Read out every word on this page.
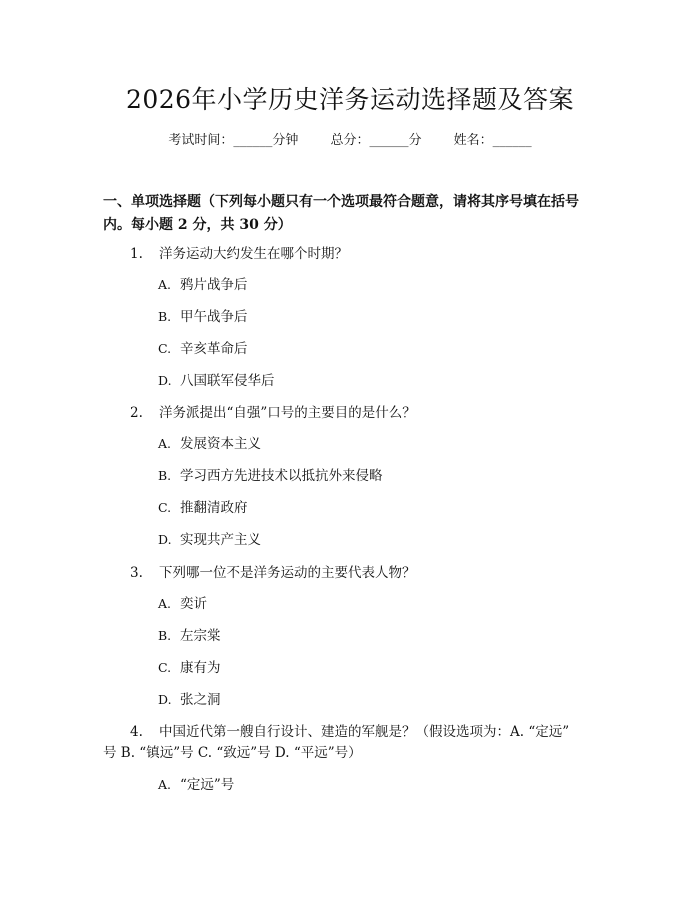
2026年小学历史洋务运动选择题及答案
考试时间：______分钟 总分：______分 姓名：______
一、单项选择题（下列每小题只有一个选项最符合题意，请将其序号填在括号内。每小题 2 分，共 30 分）
1. 洋务运动大约发生在哪个时期？
A. 鸦片战争后
B. 甲午战争后
C. 辛亥革命后
D. 八国联军侵华后
2. 洋务派提出“自强”口号的主要目的是什么？
A. 发展资本主义
B. 学习西方先进技术以抵抗外来侵略
C. 推翻清政府
D. 实现共产主义
3. 下列哪一位不是洋务运动的主要代表人物？
A. 奕䜣
B. 左宗棠
C. 康有为
D. 张之洞
4. 中国近代第一艘自行设计、建造的军舰是？（假设选项为：A. “定远”
号 B. “镇远”号 C. “致远”号 D. “平远”号）
A. “定远”号
